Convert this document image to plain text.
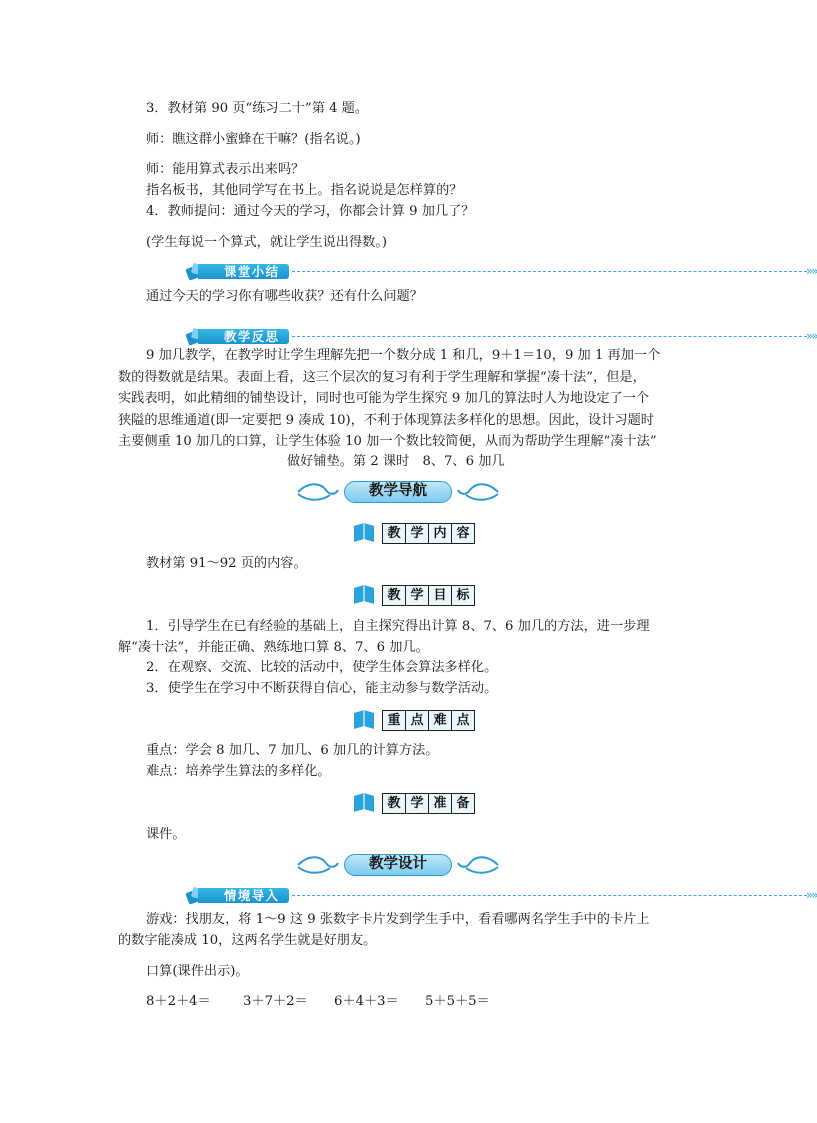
3．教材第 90 页“练习二十”第 4 题。
师：瞧这群小蜜蜂在干嘛？(指名说。)
师：能用算式表示出来吗？
指名板书，其他同学写在书上。指名说说是怎样算的？
4．教师提问：通过今天的学习，你都会计算 9 加几了？
(学生每说一个算式，就让学生说出得数。)
课堂小结	»»
通过今天的学习你有哪些收获？还有什么问题？
教学反思	»»
9 加几教学，在教学时让学生理解先把一个数分成 1 和几，9＋1＝10，9 加 1 再加一个
数的得数就是结果。表面上看，这三个层次的复习有利于学生理解和掌握“凑十法”，但是，
实践表明，如此精细的铺垫设计，同时也可能为学生探究 9 加几的算法时人为地设定了一个
狭隘的思维通道(即一定要把 9 凑成 10)，不利于体现算法多样化的思想。因此，设计习题时
主要侧重 10 加几的口算，让学生体验 10 加一个数比较简便，从而为帮助学生理解“凑十法”
做好铺垫。第 2 课时　8、7、6 加几
教学导航
教 学 内 容
教材第 91～92 页的内容。
教 学 目 标
1．引导学生在已有经验的基础上，自主探究得出计算 8、7、6 加几的方法，进一步理
解“凑十法”，并能正确、熟练地口算 8、7、6 加几。
2．在观察、交流、比较的活动中，使学生体会算法多样化。
3．使学生在学习中不断获得自信心，能主动参与数学活动。
重 点 难 点
重点：学会 8 加几、7 加几、6 加几的计算方法。
难点：培养学生算法的多样化。
教 学 准 备
课件。
教学设计
情境导入	»»
游戏：找朋友，将 1～9 这 9 张数字卡片发到学生手中，看看哪两名学生手中的卡片上
的数字能凑成 10，这两名学生就是好朋友。
口算(课件出示)。
8＋2＋4＝ 3＋7＋2＝ 6＋4＋3＝ 5＋5＋5＝
